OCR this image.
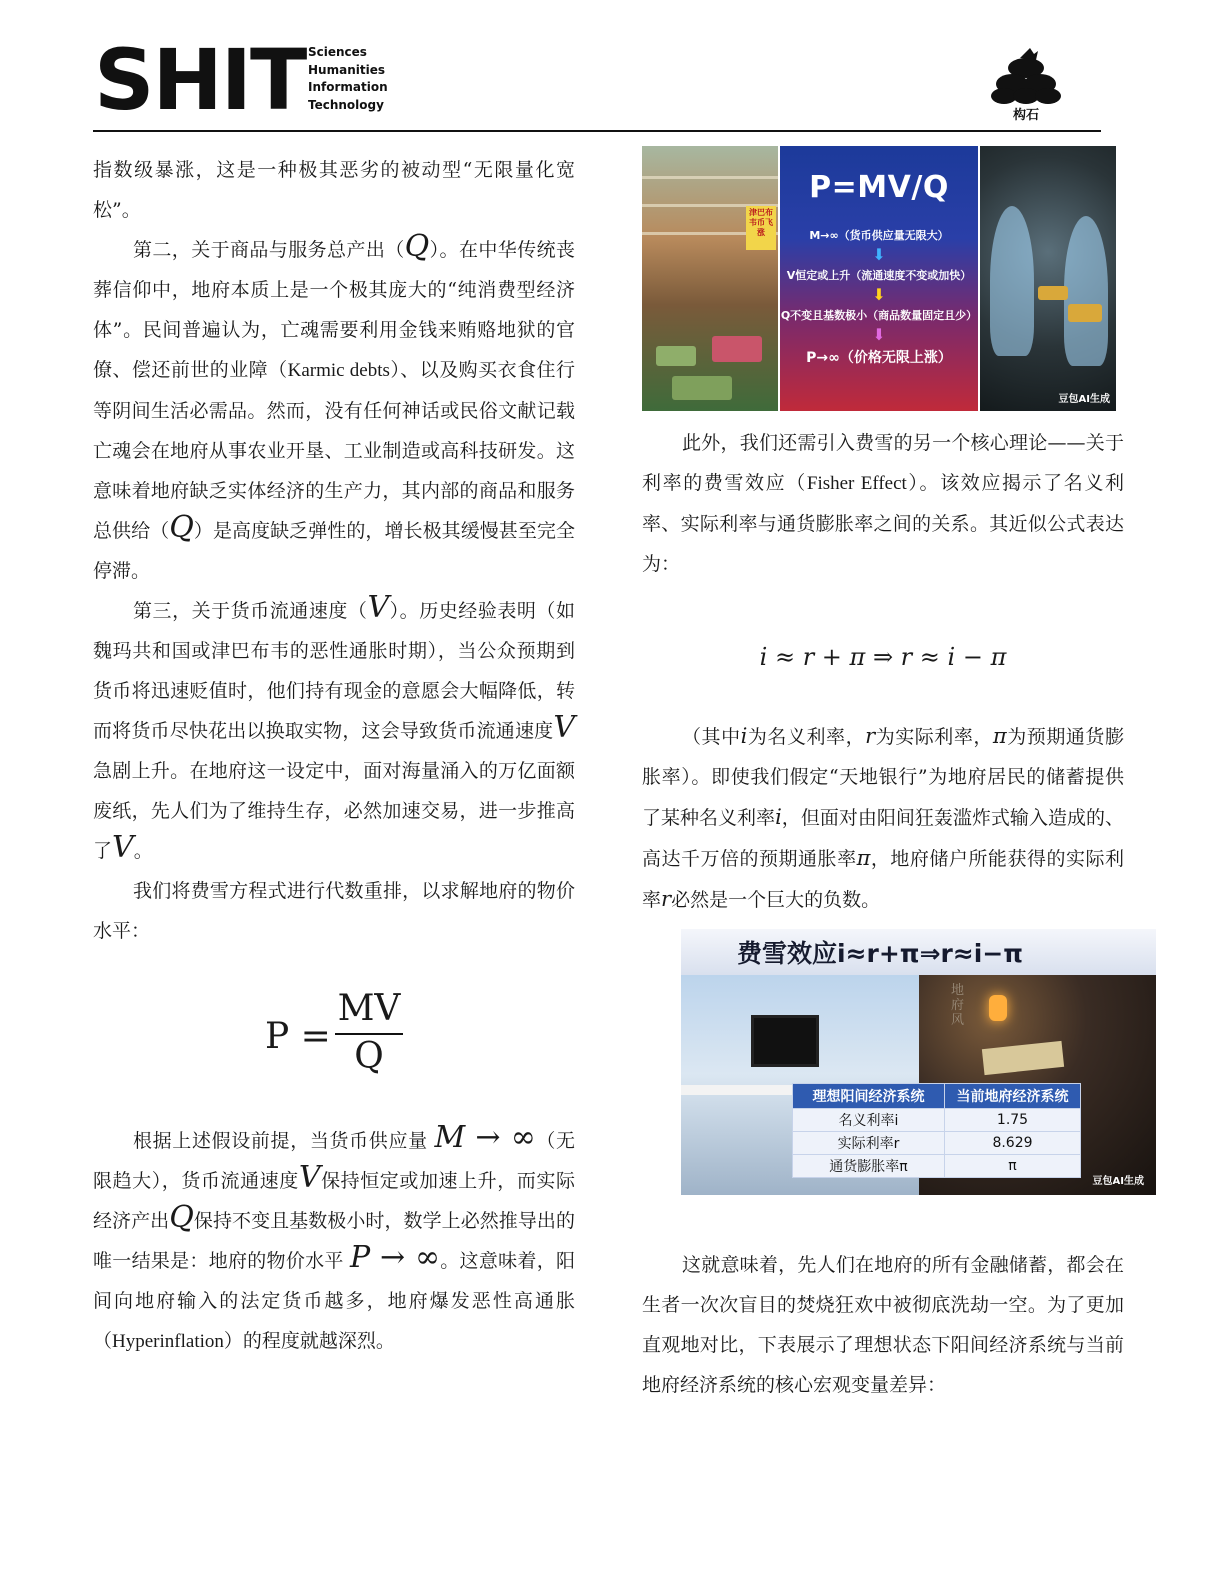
SHIT Sciences
Humanities
Information
Technology
构石

指数级暴涨，这是一种极其恶劣的被动型“无限量化宽松”。

第二，关于商品与服务总产出（Q）。在中华传统丧葬信仰中，地府本质上是一个极其庞大的“纯消费型经济体”。民间普遍认为，亡魂需要利用金钱来贿赂地狱的官僚、偿还前世的业障（Karmic debts）、以及购买衣食住行等阴间生活必需品。然而，没有任何神话或民俗文献记载亡魂会在地府从事农业开垦、工业制造或高科技研发。这意味着地府缺乏实体经济的生产力，其内部的商品和服务总供给（Q）是高度缺乏弹性的，增长极其缓慢甚至完全停滞。

第三，关于货币流通速度（V）。历史经验表明（如魏玛共和国或津巴布韦的恶性通胀时期），当公众预期到货币将迅速贬值时，他们持有现金的意愿会大幅降低，转而将货币尽快花出以换取实物，这会导致货币流通速度V急剧上升。在地府这一设定中，面对海量涌入的万亿面额废纸，先人们为了维持生存，必然加速交易，进一步推高了V。

我们将费雪方程式进行代数重排，以求解地府的物价水平：

P =
MV
Q

根据上述假设前提，当货币供应量 M → ∞（无限趋大），货币流通速度V保持恒定或加速上升，而实际经济产出Q保持不变且基数极小时，数学上必然推导出的唯一结果是：地府的物价水平 P → ∞。这意味着，阳间向地府输入的法定货币越多，地府爆发恶性高通胀（Hyperinflation）的程度就越深烈。

津巴布韦币飞涨
P=MV/Q
M→∞（货币供应量无限大）
⬇
V恒定或上升（流通速度不变或加快）
⬇
Q不变且基数极小（商品数量固定且少）
⬇
P→∞（价格无限上涨）
豆包AI生成

此外，我们还需引入费雪的另一个核心理论——关于利率的费雪效应（Fisher Effect）。该效应揭示了名义利率、实际利率与通货膨胀率之间的关系。其近似公式表达为：

i ≈ r + π ⇒ r ≈ i − π

（其中i为名义利率，r为实际利率，π为预期通货膨胀率）。即使我们假定“天地银行”为地府居民的储蓄提供了某种名义利率i，但面对由阳间狂轰滥炸式输入造成的、高达千万倍的预期通胀率π，地府储户所能获得的实际利率r必然是一个巨大的负数。

费雪效应i≈r+π⇒r≈i−π
地府风
理想阳间经济系统	当前地府经济系统
名义利率i	1.75
实际利率r	8.629
通货膨胀率π	π
豆包AI生成

这就意味着，先人们在地府的所有金融储蓄，都会在生者一次次盲目的焚烧狂欢中被彻底洗劫一空。为了更加直观地对比，下表展示了理想状态下阳间经济系统与当前地府经济系统的核心宏观变量差异：
